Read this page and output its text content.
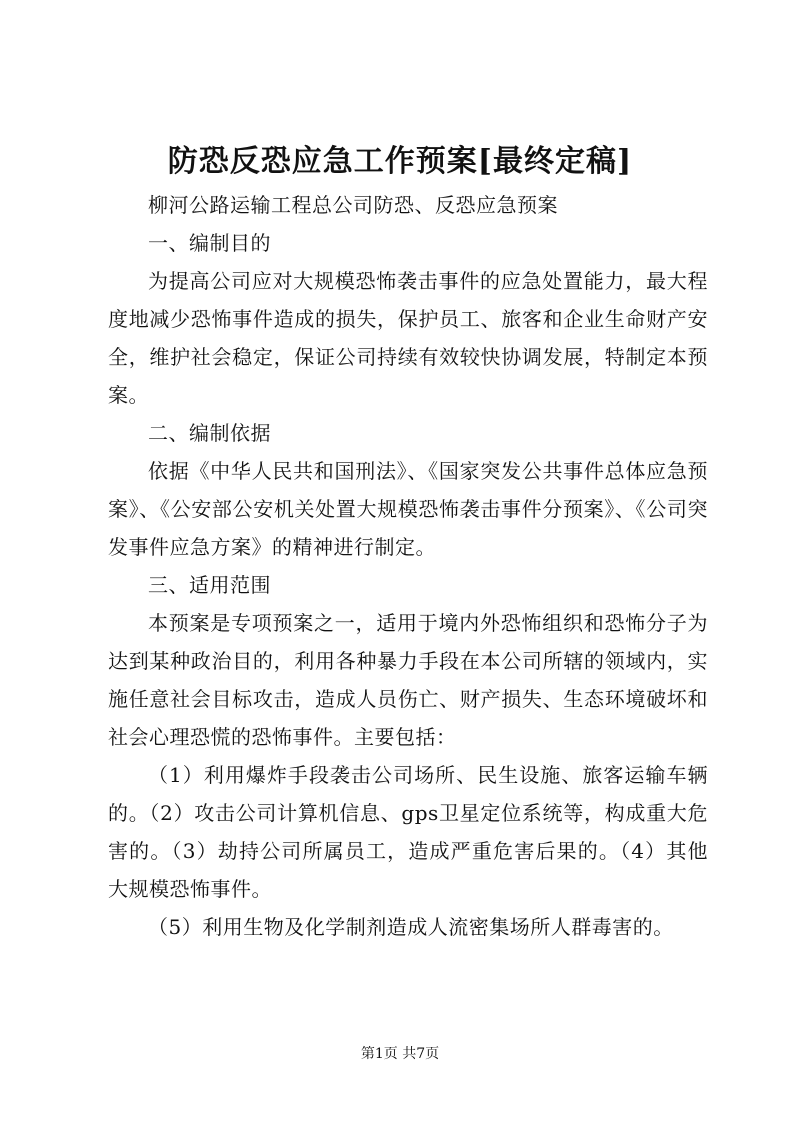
防恐反恐应急工作预案[最终定稿]

柳河公路运输工程总公司防恐、反恐应急预案

一、编制目的

为提高公司应对大规模恐怖袭击事件的应急处置能力，最大程度地减少恐怖事件造成的损失，保护员工、旅客和企业生命财产安全，维护社会稳定，保证公司持续有效较快协调发展，特制定本预案。

二、编制依据

依据《中华人民共和国刑法》、《国家突发公共事件总体应急预案》、《公安部公安机关处置大规模恐怖袭击事件分预案》、《公司突发事件应急方案》的精神进行制定。

三、适用范围

本预案是专项预案之一，适用于境内外恐怖组织和恐怖分子为达到某种政治目的，利用各种暴力手段在本公司所辖的领域内，实施任意社会目标攻击，造成人员伤亡、财产损失、生态环境破坏和社会心理恐慌的恐怖事件。主要包括：

（1）利用爆炸手段袭击公司场所、民生设施、旅客运输车辆的。（2）攻击公司计算机信息、gps卫星定位系统等，构成重大危害的。（3）劫持公司所属员工，造成严重危害后果的。（4）其他大规模恐怖事件。

（5）利用生物及化学制剂造成人流密集场所人群毒害的。

第1页 共7页
